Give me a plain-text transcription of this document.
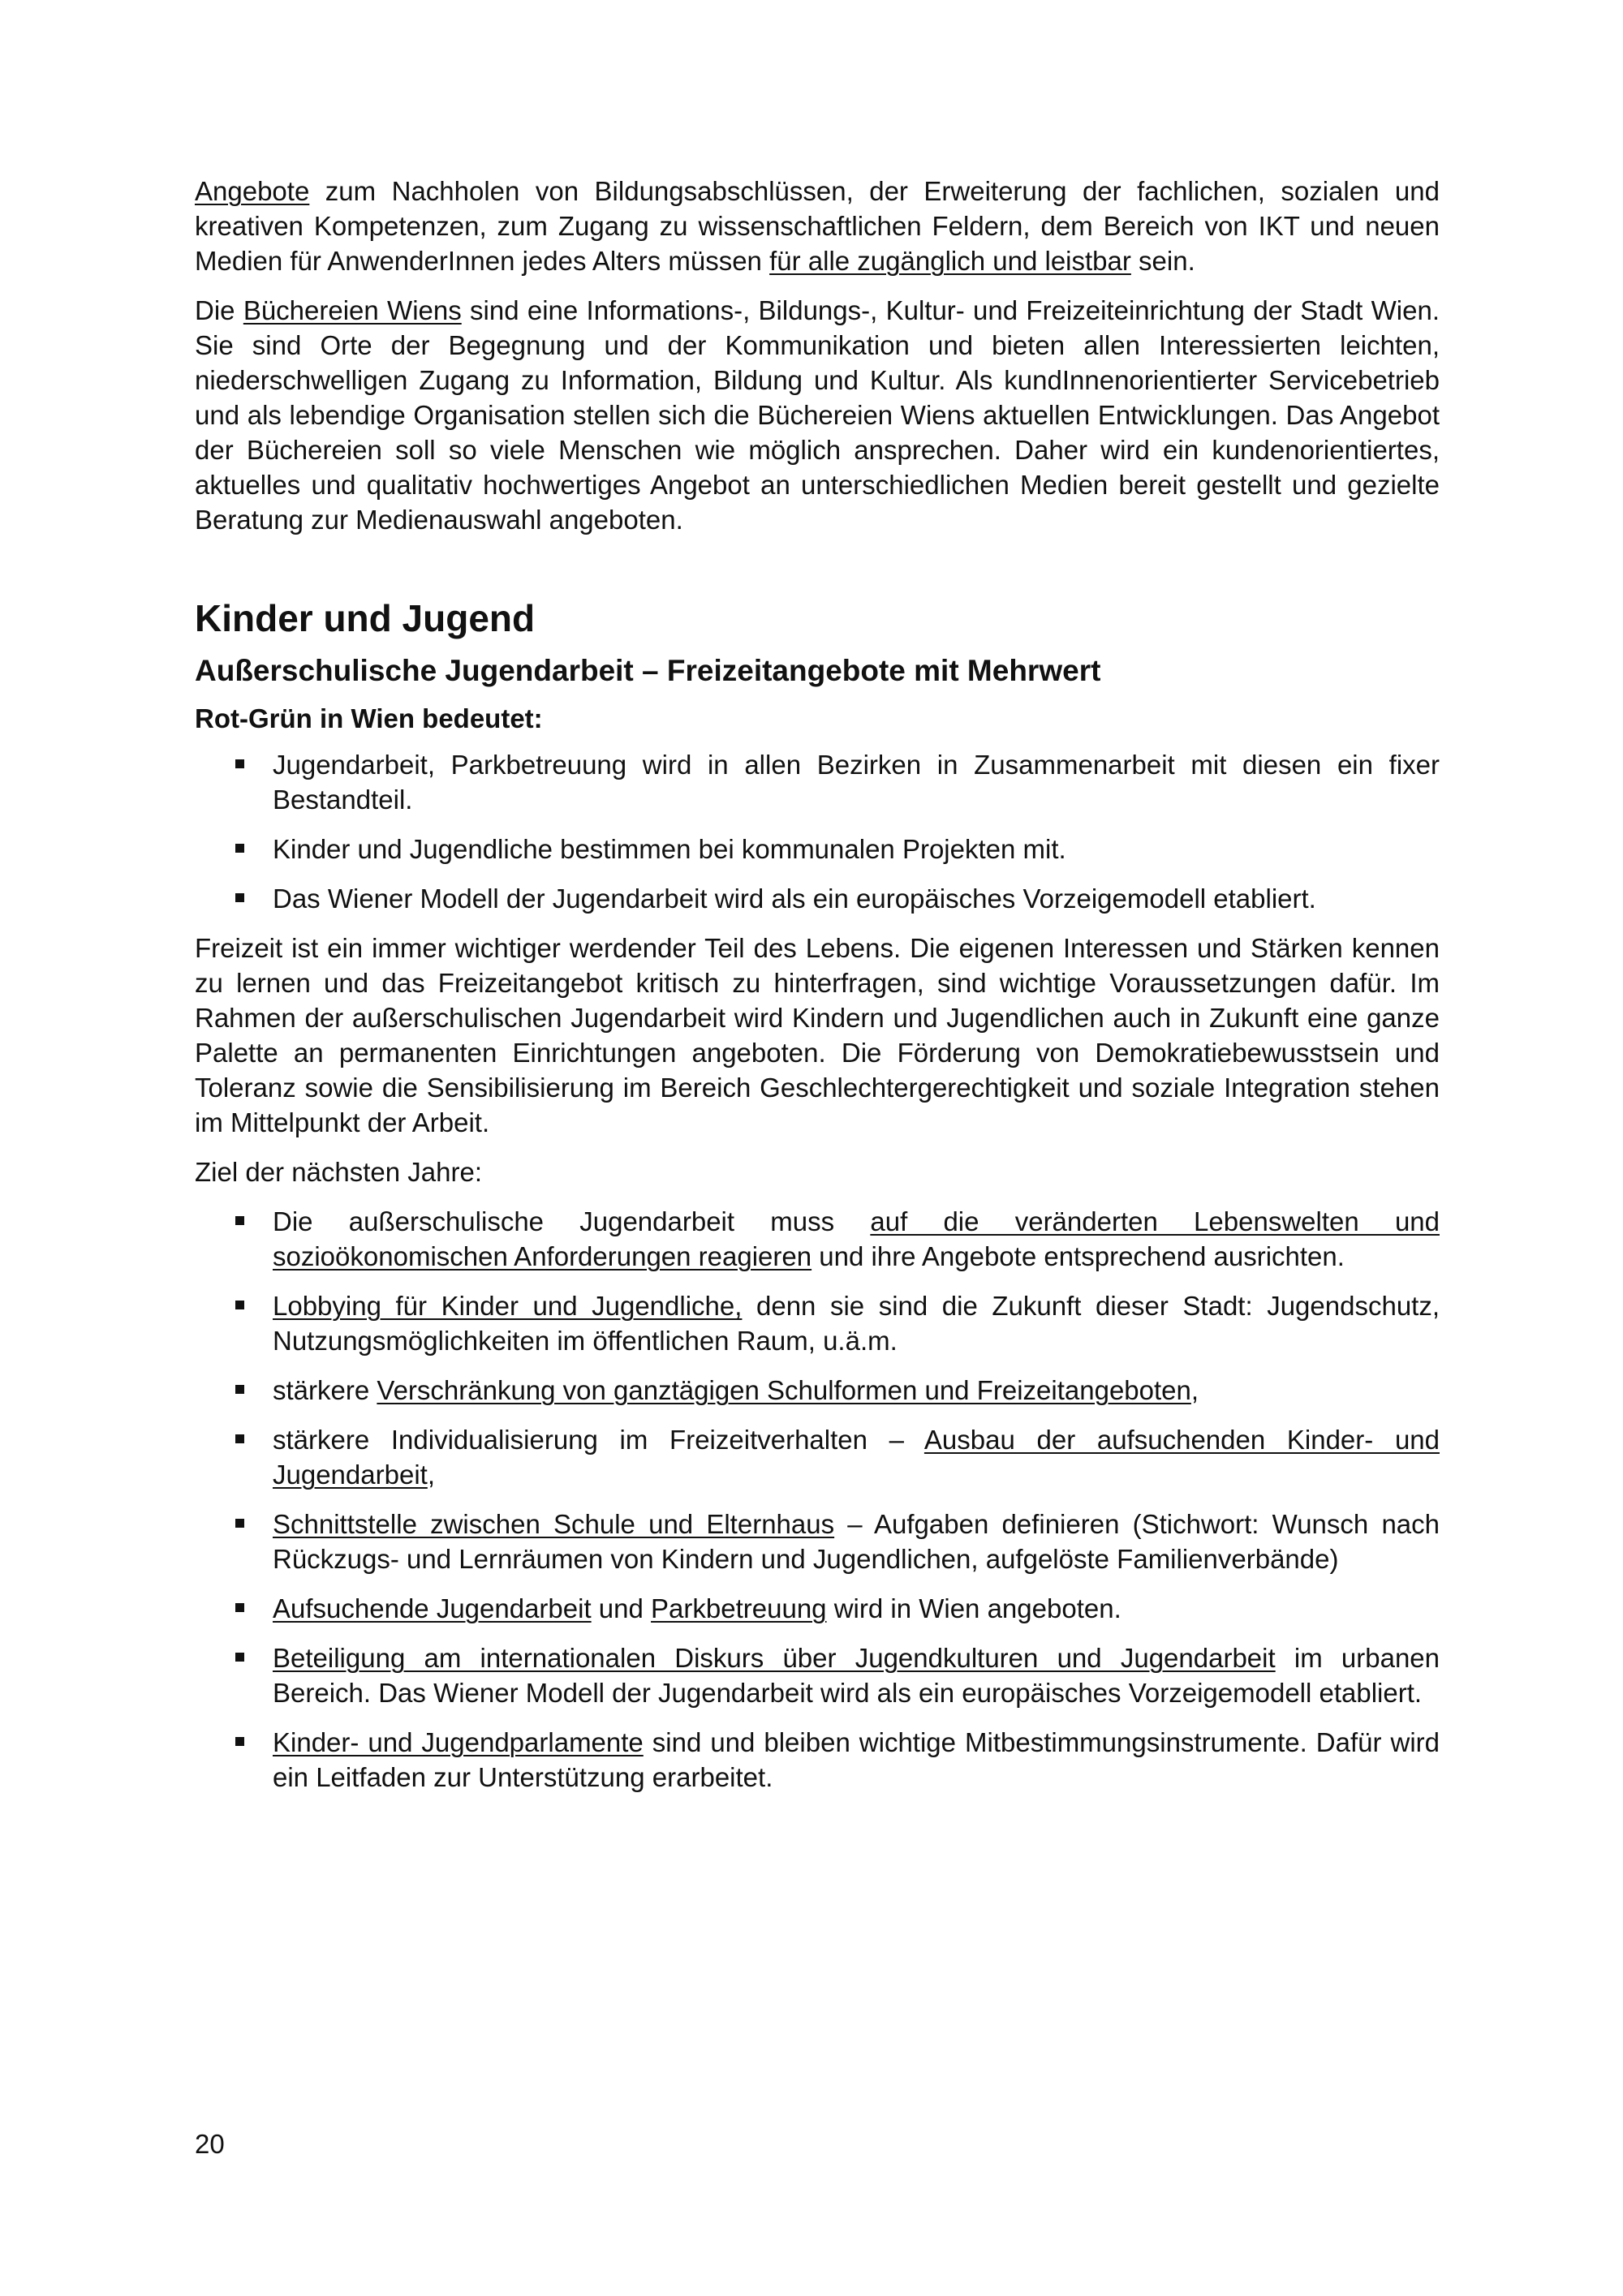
Angebote zum Nachholen von Bildungsabschlüssen, der Erweiterung der fachlichen, sozialen und kreativen Kompetenzen, zum Zugang zu wissenschaftlichen Feldern, dem Bereich von IKT und neuen Medien für AnwenderInnen jedes Alters müssen für alle zugänglich und leistbar sein.

Die Büchereien Wiens sind eine Informations-, Bildungs-, Kultur- und Freizeiteinrichtung der Stadt Wien. Sie sind Orte der Begegnung und der Kommunikation und bieten allen Interessierten leichten, niederschwelligen Zugang zu Information, Bildung und Kultur. Als kundInnenorientierter Servicebetrieb und als lebendige Organisation stellen sich die Büchereien Wiens aktuellen Entwicklungen. Das Angebot der Büchereien soll so viele Menschen wie möglich ansprechen. Daher wird ein kundenorientiertes, aktuelles und qualitativ hochwertiges Angebot an unterschiedlichen Medien bereit gestellt und gezielte Beratung zur Medienauswahl angeboten.

Kinder und Jugend
Außerschulische Jugendarbeit – Freizeitangebote mit Mehrwert
Rot-Grün in Wien bedeutet:
Jugendarbeit, Parkbetreuung wird in allen Bezirken in Zusammenarbeit mit diesen ein fixer Bestandteil.
Kinder und Jugendliche bestimmen bei kommunalen Projekten mit.
Das Wiener Modell der Jugendarbeit wird als ein europäisches Vorzeigemodell etabliert.

Freizeit ist ein immer wichtiger werdender Teil des Lebens. Die eigenen Interessen und Stärken kennen zu lernen und das Freizeitangebot kritisch zu hinterfragen, sind wichtige Voraussetzungen dafür. Im Rahmen der außerschulischen Jugendarbeit wird Kindern und Jugendlichen auch in Zukunft eine ganze Palette an permanenten Einrichtungen angeboten. Die Förderung von Demokratiebewusstsein und Toleranz sowie die Sensibilisierung im Bereich Geschlechtergerechtigkeit und soziale Integration stehen im Mittelpunkt der Arbeit.

Ziel der nächsten Jahre:

Die außerschulische Jugendarbeit muss auf die veränderten Lebenswelten und sozioökonomischen Anforderungen reagieren und ihre Angebote entsprechend ausrichten.
Lobbying für Kinder und Jugendliche, denn sie sind die Zukunft dieser Stadt: Jugendschutz, Nutzungsmöglichkeiten im öffentlichen Raum, u.ä.m.
stärkere Verschränkung von ganztägigen Schulformen und Freizeitangeboten,
stärkere Individualisierung im Freizeitverhalten – Ausbau der aufsuchenden Kinder- und Jugendarbeit,
Schnittstelle zwischen Schule und Elternhaus – Aufgaben definieren (Stichwort: Wunsch nach Rückzugs- und Lernräumen von Kindern und Jugendlichen, aufgelöste Familienverbände)
Aufsuchende Jugendarbeit und Parkbetreuung wird in Wien angeboten.
Beteiligung am internationalen Diskurs über Jugendkulturen und Jugendarbeit im urbanen Bereich. Das Wiener Modell der Jugendarbeit wird als ein europäisches Vorzeigemodell etabliert.
Kinder- und Jugendparlamente sind und bleiben wichtige Mitbestimmungsinstrumente. Dafür wird ein Leitfaden zur Unterstützung erarbeitet.
20
